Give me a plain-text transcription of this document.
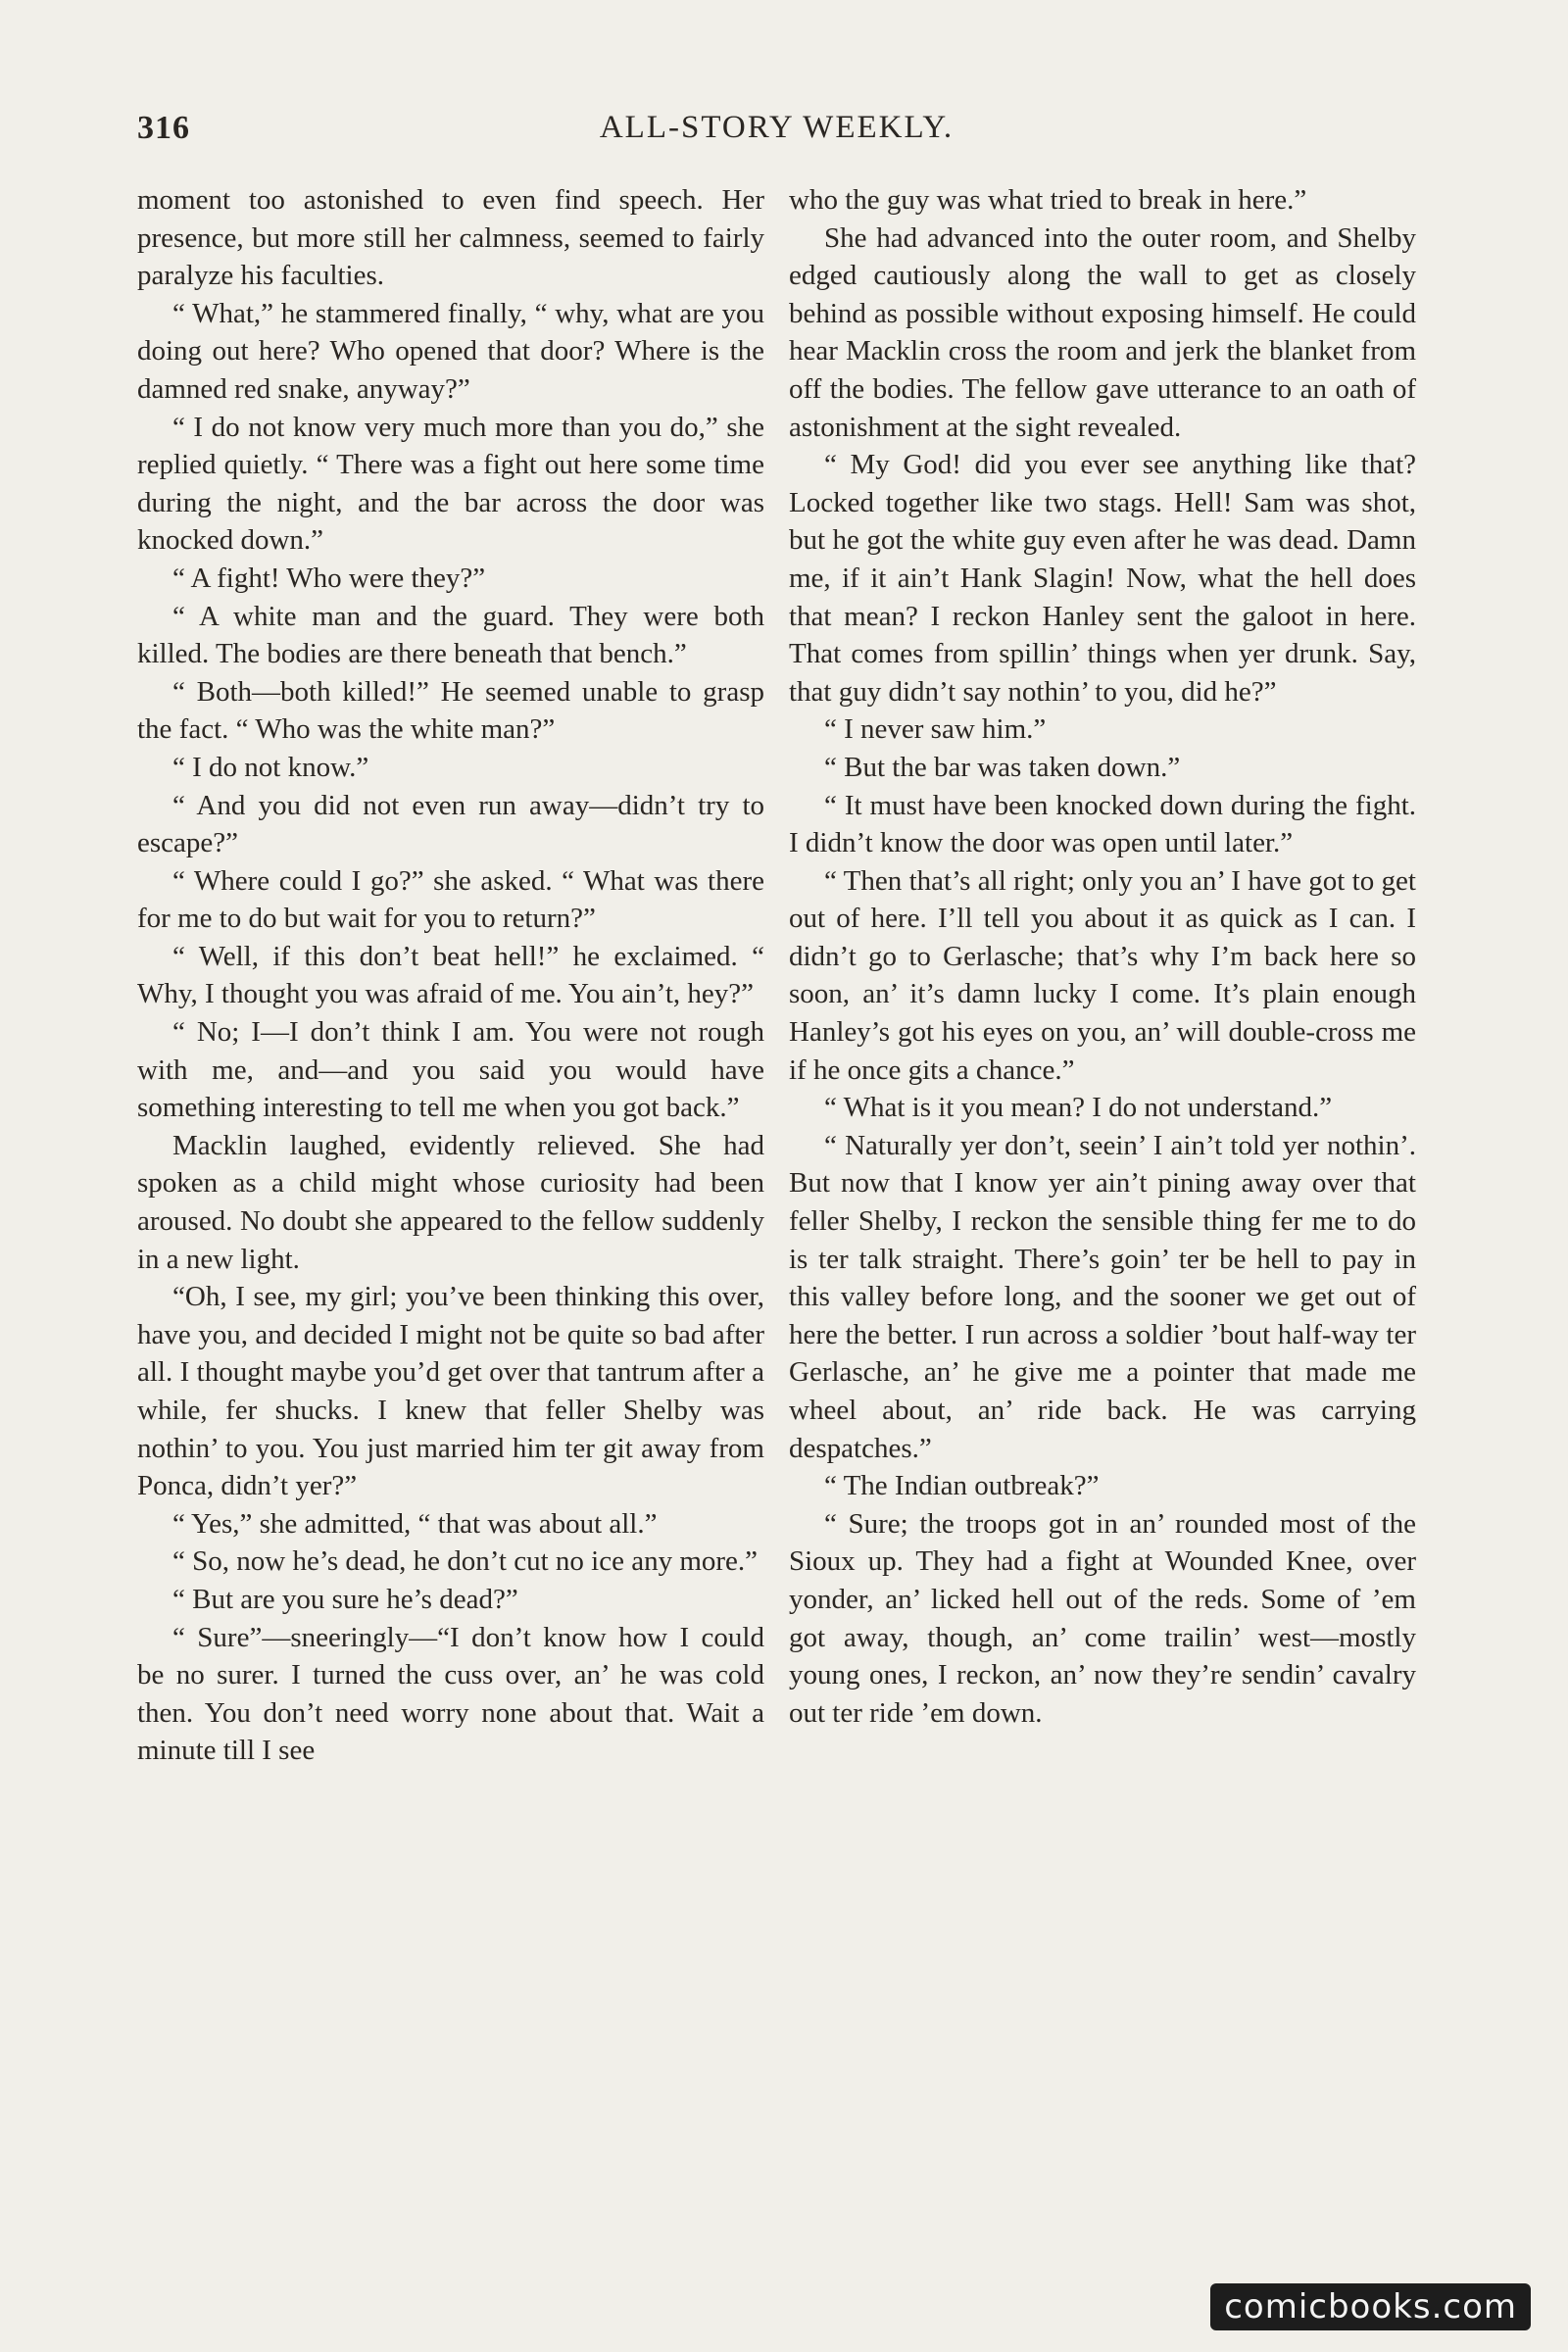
316	ALL-STORY WEEKLY.

moment too astonished to even find speech. Her presence, but more still her calmness, seemed to fairly paralyze his faculties.

“ What,” he stammered finally, “ why, what are you doing out here? Who opened that door? Where is the damned red snake, anyway?”

“ I do not know very much more than you do,” she replied quietly. “ There was a fight out here some time during the night, and the bar across the door was knocked down.”

“ A fight! Who were they?”

“ A white man and the guard. They were both killed. The bodies are there beneath that bench.”

“ Both—both killed!” He seemed unable to grasp the fact. “ Who was the white man?”

“ I do not know.”

“ And you did not even run away—didn’t try to escape?”

“ Where could I go?” she asked. “ What was there for me to do but wait for you to return?”

“ Well, if this don’t beat hell!” he exclaimed. “ Why, I thought you was afraid of me. You ain’t, hey?”

“ No; I—I don’t think I am. You were not rough with me, and—and you said you would have something interesting to tell me when you got back.”

Macklin laughed, evidently relieved. She had spoken as a child might whose curiosity had been aroused. No doubt she appeared to the fellow suddenly in a new light.

“Oh, I see, my girl; you’ve been thinking this over, have you, and decided I might not be quite so bad after all. I thought maybe you’d get over that tantrum after a while, fer shucks. I knew that feller Shelby was nothin’ to you. You just married him ter git away from Ponca, didn’t yer?”

“ Yes,” she admitted, “ that was about all.”

“ So, now he’s dead, he don’t cut no ice any more.”

“ But are you sure he’s dead?”

“ Sure”—sneeringly—“I don’t know how I could be no surer. I turned the cuss over, an’ he was cold then. You don’t need worry none about that. Wait a minute till I see

who the guy was what tried to break in here.”

She had advanced into the outer room, and Shelby edged cautiously along the wall to get as closely behind as possible without exposing himself. He could hear Macklin cross the room and jerk the blanket from off the bodies. The fellow gave utterance to an oath of astonishment at the sight revealed.

“ My God! did you ever see anything like that? Locked together like two stags. Hell! Sam was shot, but he got the white guy even after he was dead. Damn me, if it ain’t Hank Slagin! Now, what the hell does that mean? I reckon Hanley sent the galoot in here. That comes from spillin’ things when yer drunk. Say, that guy didn’t say nothin’ to you, did he?”

“ I never saw him.”

“ But the bar was taken down.”

“ It must have been knocked down during the fight. I didn’t know the door was open until later.”

“ Then that’s all right; only you an’ I have got to get out of here. I’ll tell you about it as quick as I can. I didn’t go to Gerlasche; that’s why I’m back here so soon, an’ it’s damn lucky I come. It’s plain enough Hanley’s got his eyes on you, an’ will double-cross me if he once gits a chance.”

“ What is it you mean? I do not understand.”

“ Naturally yer don’t, seein’ I ain’t told yer nothin’. But now that I know yer ain’t pining away over that feller Shelby, I reckon the sensible thing fer me to do is ter talk straight. There’s goin’ ter be hell to pay in this valley before long, and the sooner we get out of here the better. I run across a soldier ’bout half-way ter Gerlasche, an’ he give me a pointer that made me wheel about, an’ ride back. He was carrying despatches.”

“ The Indian outbreak?”

“ Sure; the troops got in an’ rounded most of the Sioux up. They had a fight at Wounded Knee, over yonder, an’ licked hell out of the reds. Some of ’em got away, though, an’ come trailin’ west—mostly young ones, I reckon, an’ now they’re sendin’ cavalry out ter ride ’em down.

comicbooks.com
